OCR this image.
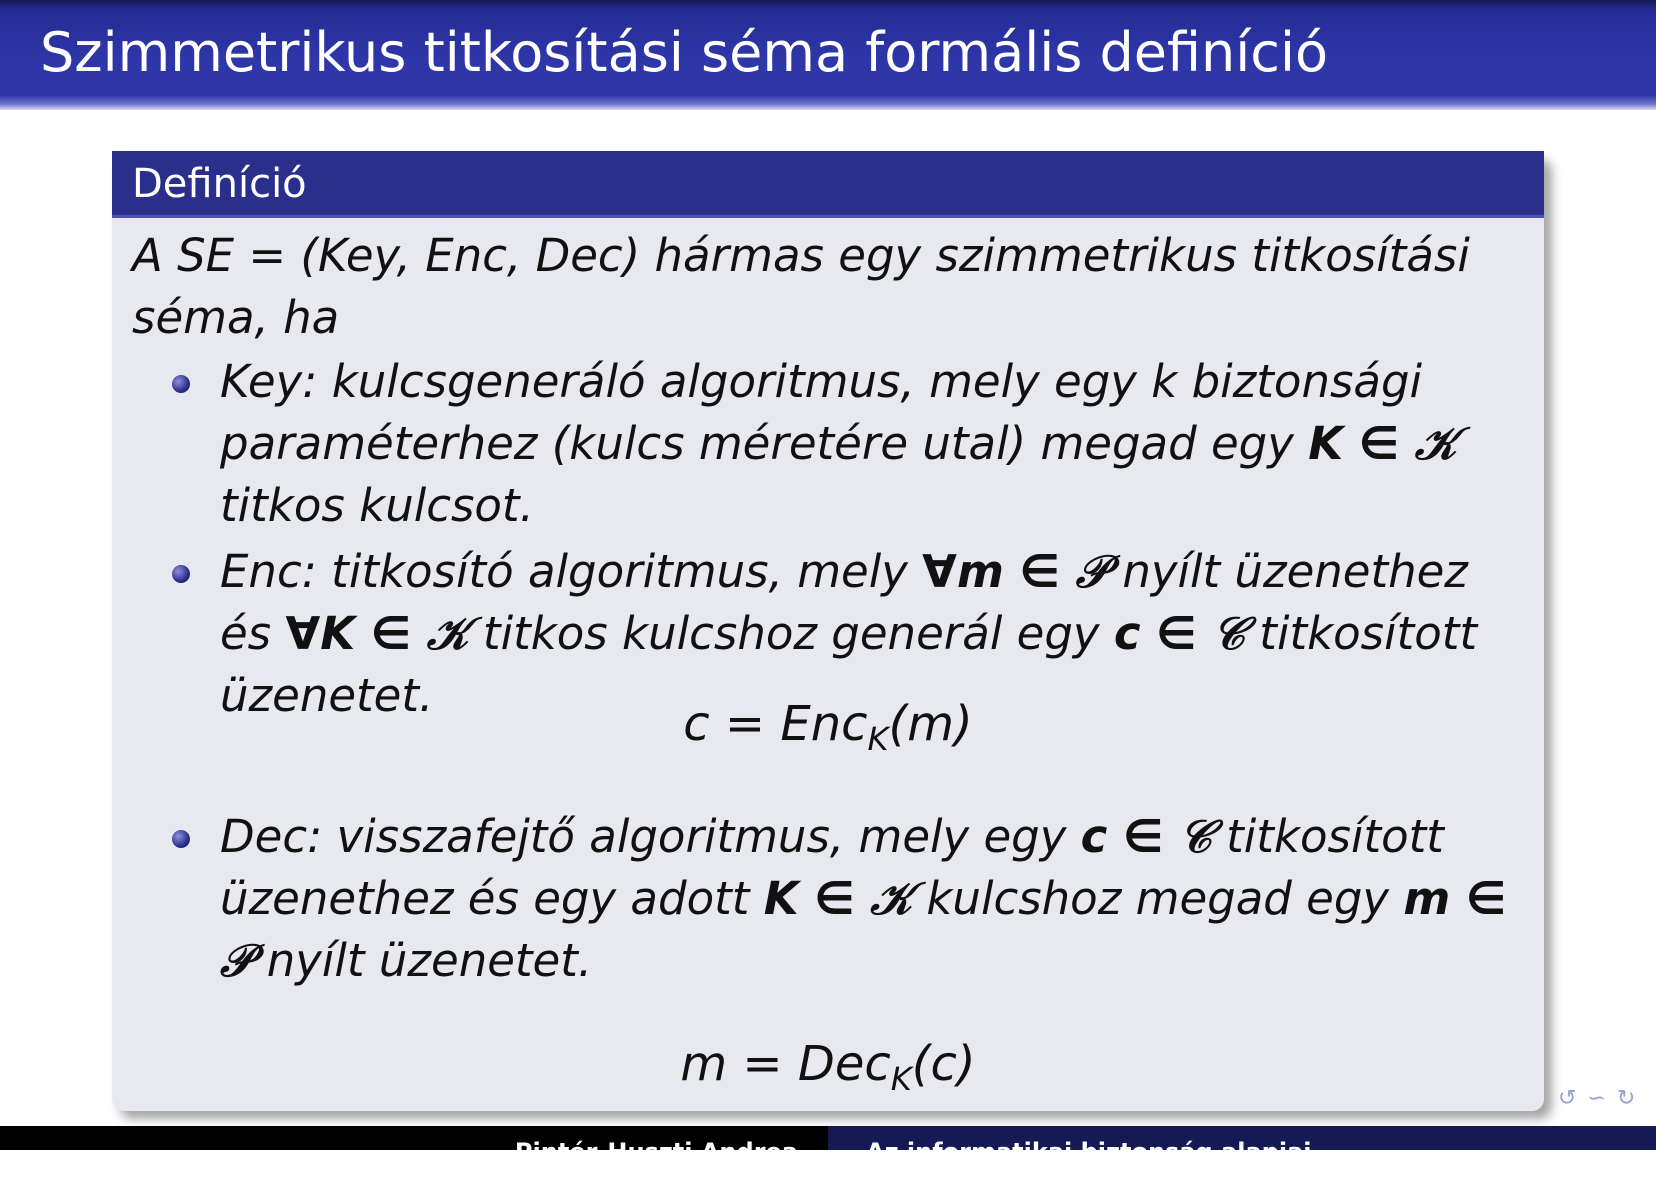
Szimmetrikus titkosítási séma formális definíció
Definíció
A SE = (Key, Enc, Dec) hármas egy szimmetrikus titkosítási séma, ha
Key: kulcsgeneráló algoritmus, mely egy k biztonsági paraméterhez (kulcs méretére utal) megad egy K ∈ 𝒦 titkos kulcsot.
Enc: titkosító algoritmus, mely ∀m ∈ 𝒫 nyílt üzenethez és ∀K ∈ 𝒦 titkos kulcshoz generál egy c ∈ 𝒞 titkosított üzenetet.
c = Enc$_K$(m)
Dec: visszafejtő algoritmus, mely egy c ∈ 𝒞 titkosított üzenethez és egy adott K ∈ 𝒦 kulcshoz megad egy m ∈ 𝒫 nyílt üzenetet.
m = Dec$_K$(c)
↺ ∽ ↻
Pintér-Huszti Andrea	Az informatikai biztonság alapjai
